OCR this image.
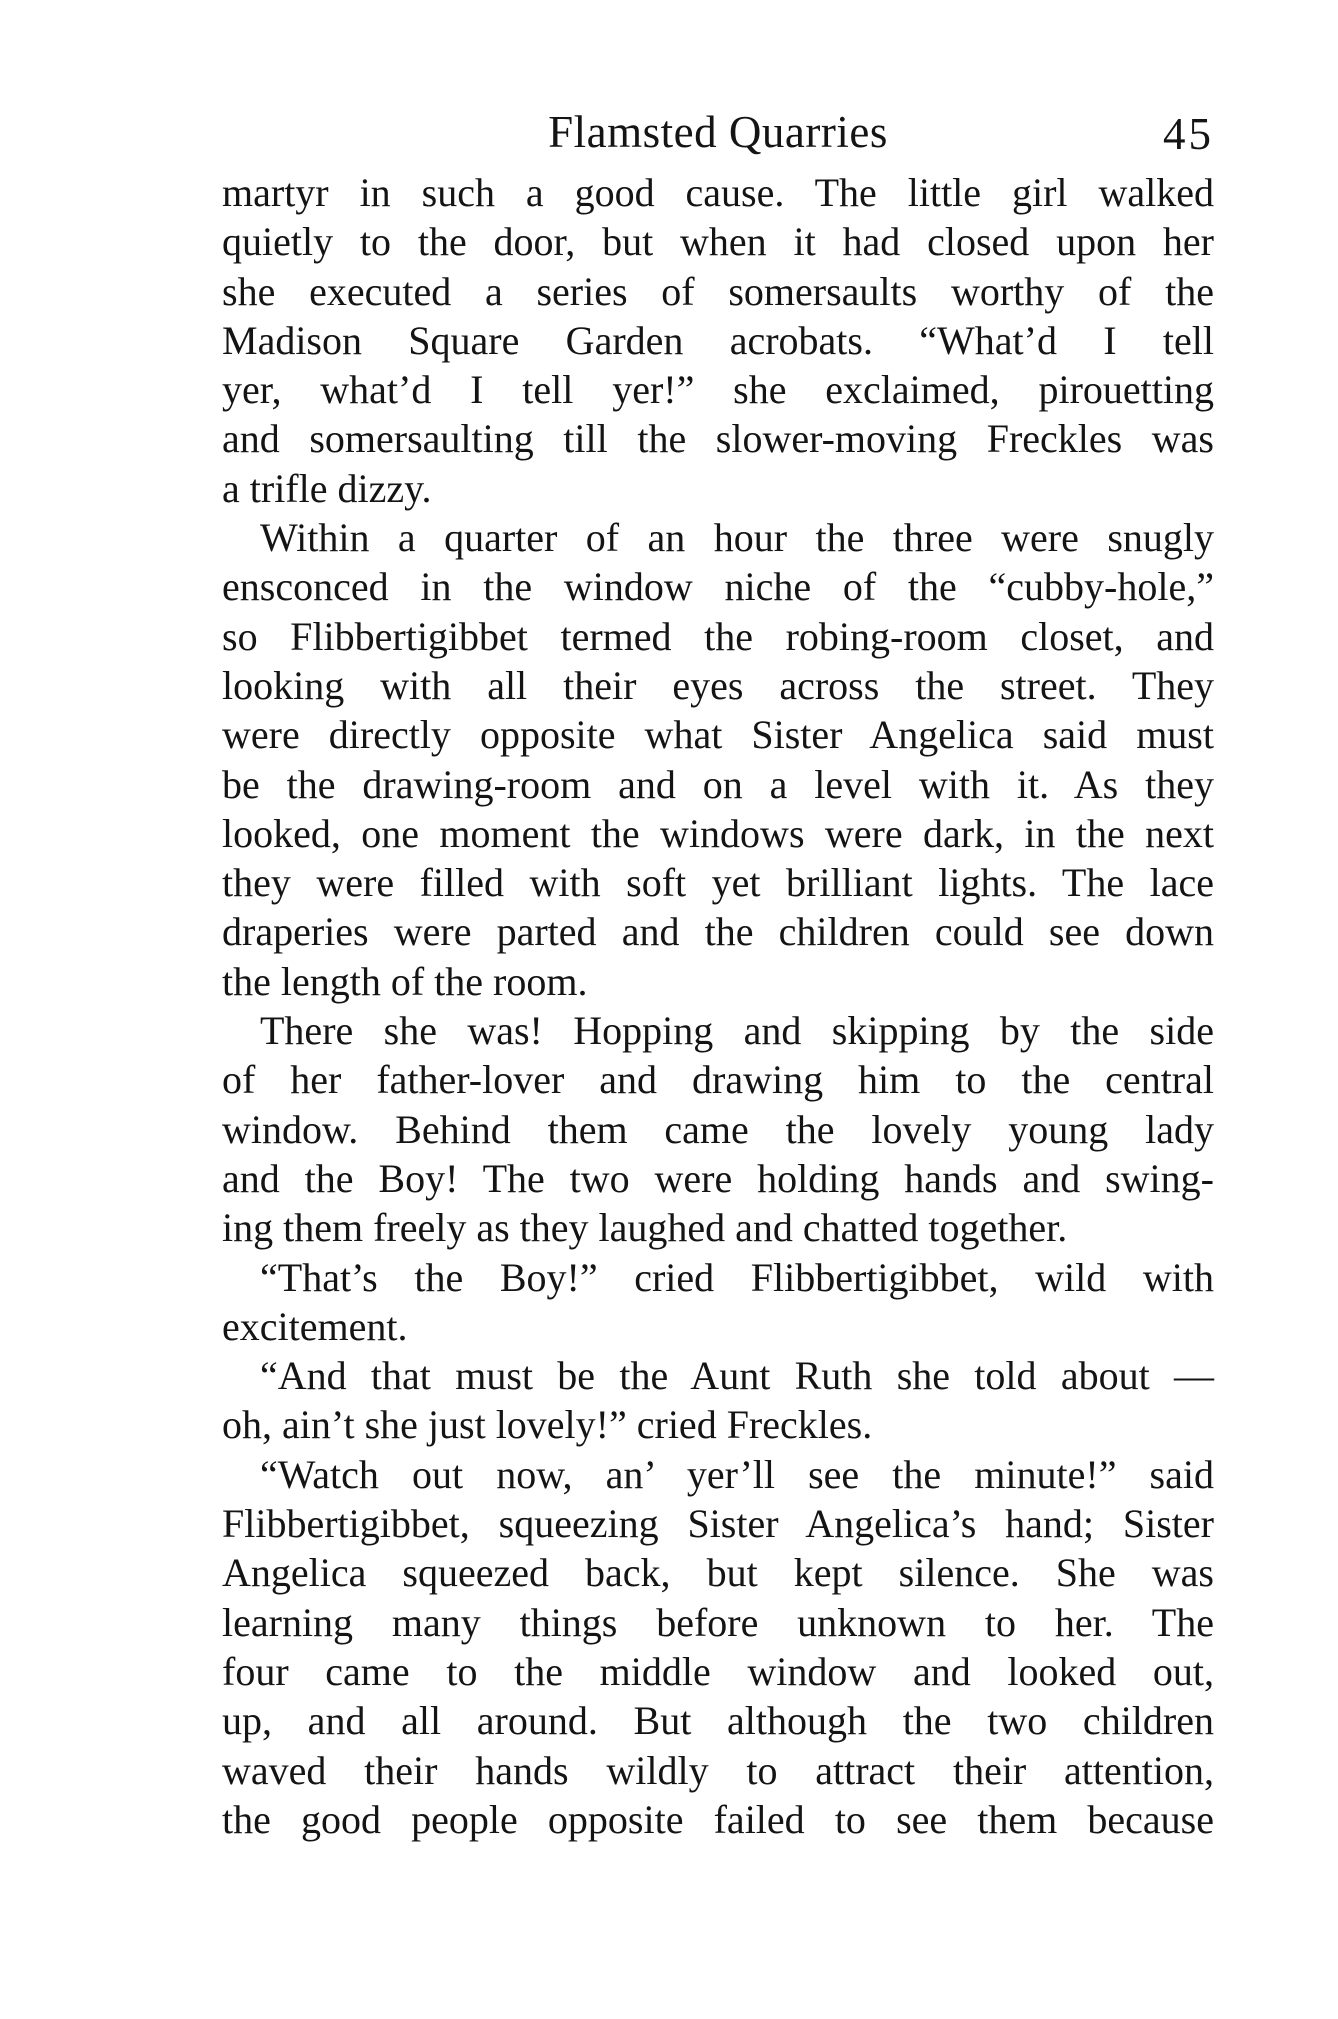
Flamsted Quarries	45
martyr in such a good cause. The little girl walked
quietly to the door, but when it had closed upon her
she executed a series of somersaults worthy of the
Madison Square Garden acrobats. “What’d I tell
yer, what’d I tell yer!” she exclaimed, pirouetting
and somersaulting till the slower-moving Freckles was
a trifle dizzy.
Within a quarter of an hour the three were snugly
ensconced in the window niche of the “cubby-hole,”
so Flibbertigibbet termed the robing-room closet, and
looking with all their eyes across the street. They
were directly opposite what Sister Angelica said must
be the drawing-room and on a level with it. As they
looked, one moment the windows were dark, in the next
they were filled with soft yet brilliant lights. The lace
draperies were parted and the children could see down
the length of the room.
There she was! Hopping and skipping by the side
of her father-lover and drawing him to the central
window. Behind them came the lovely young lady
and the Boy! The two were holding hands and swing-
ing them freely as they laughed and chatted together.
“That’s the Boy!” cried Flibbertigibbet, wild with
excitement.
“And that must be the Aunt Ruth she told about —
oh, ain’t she just lovely!” cried Freckles.
“Watch out now, an’ yer’ll see the minute!” said
Flibbertigibbet, squeezing Sister Angelica’s hand; Sister
Angelica squeezed back, but kept silence. She was
learning many things before unknown to her. The
four came to the middle window and looked out,
up, and all around. But although the two children
waved their hands wildly to attract their attention,
the good people opposite failed to see them because
